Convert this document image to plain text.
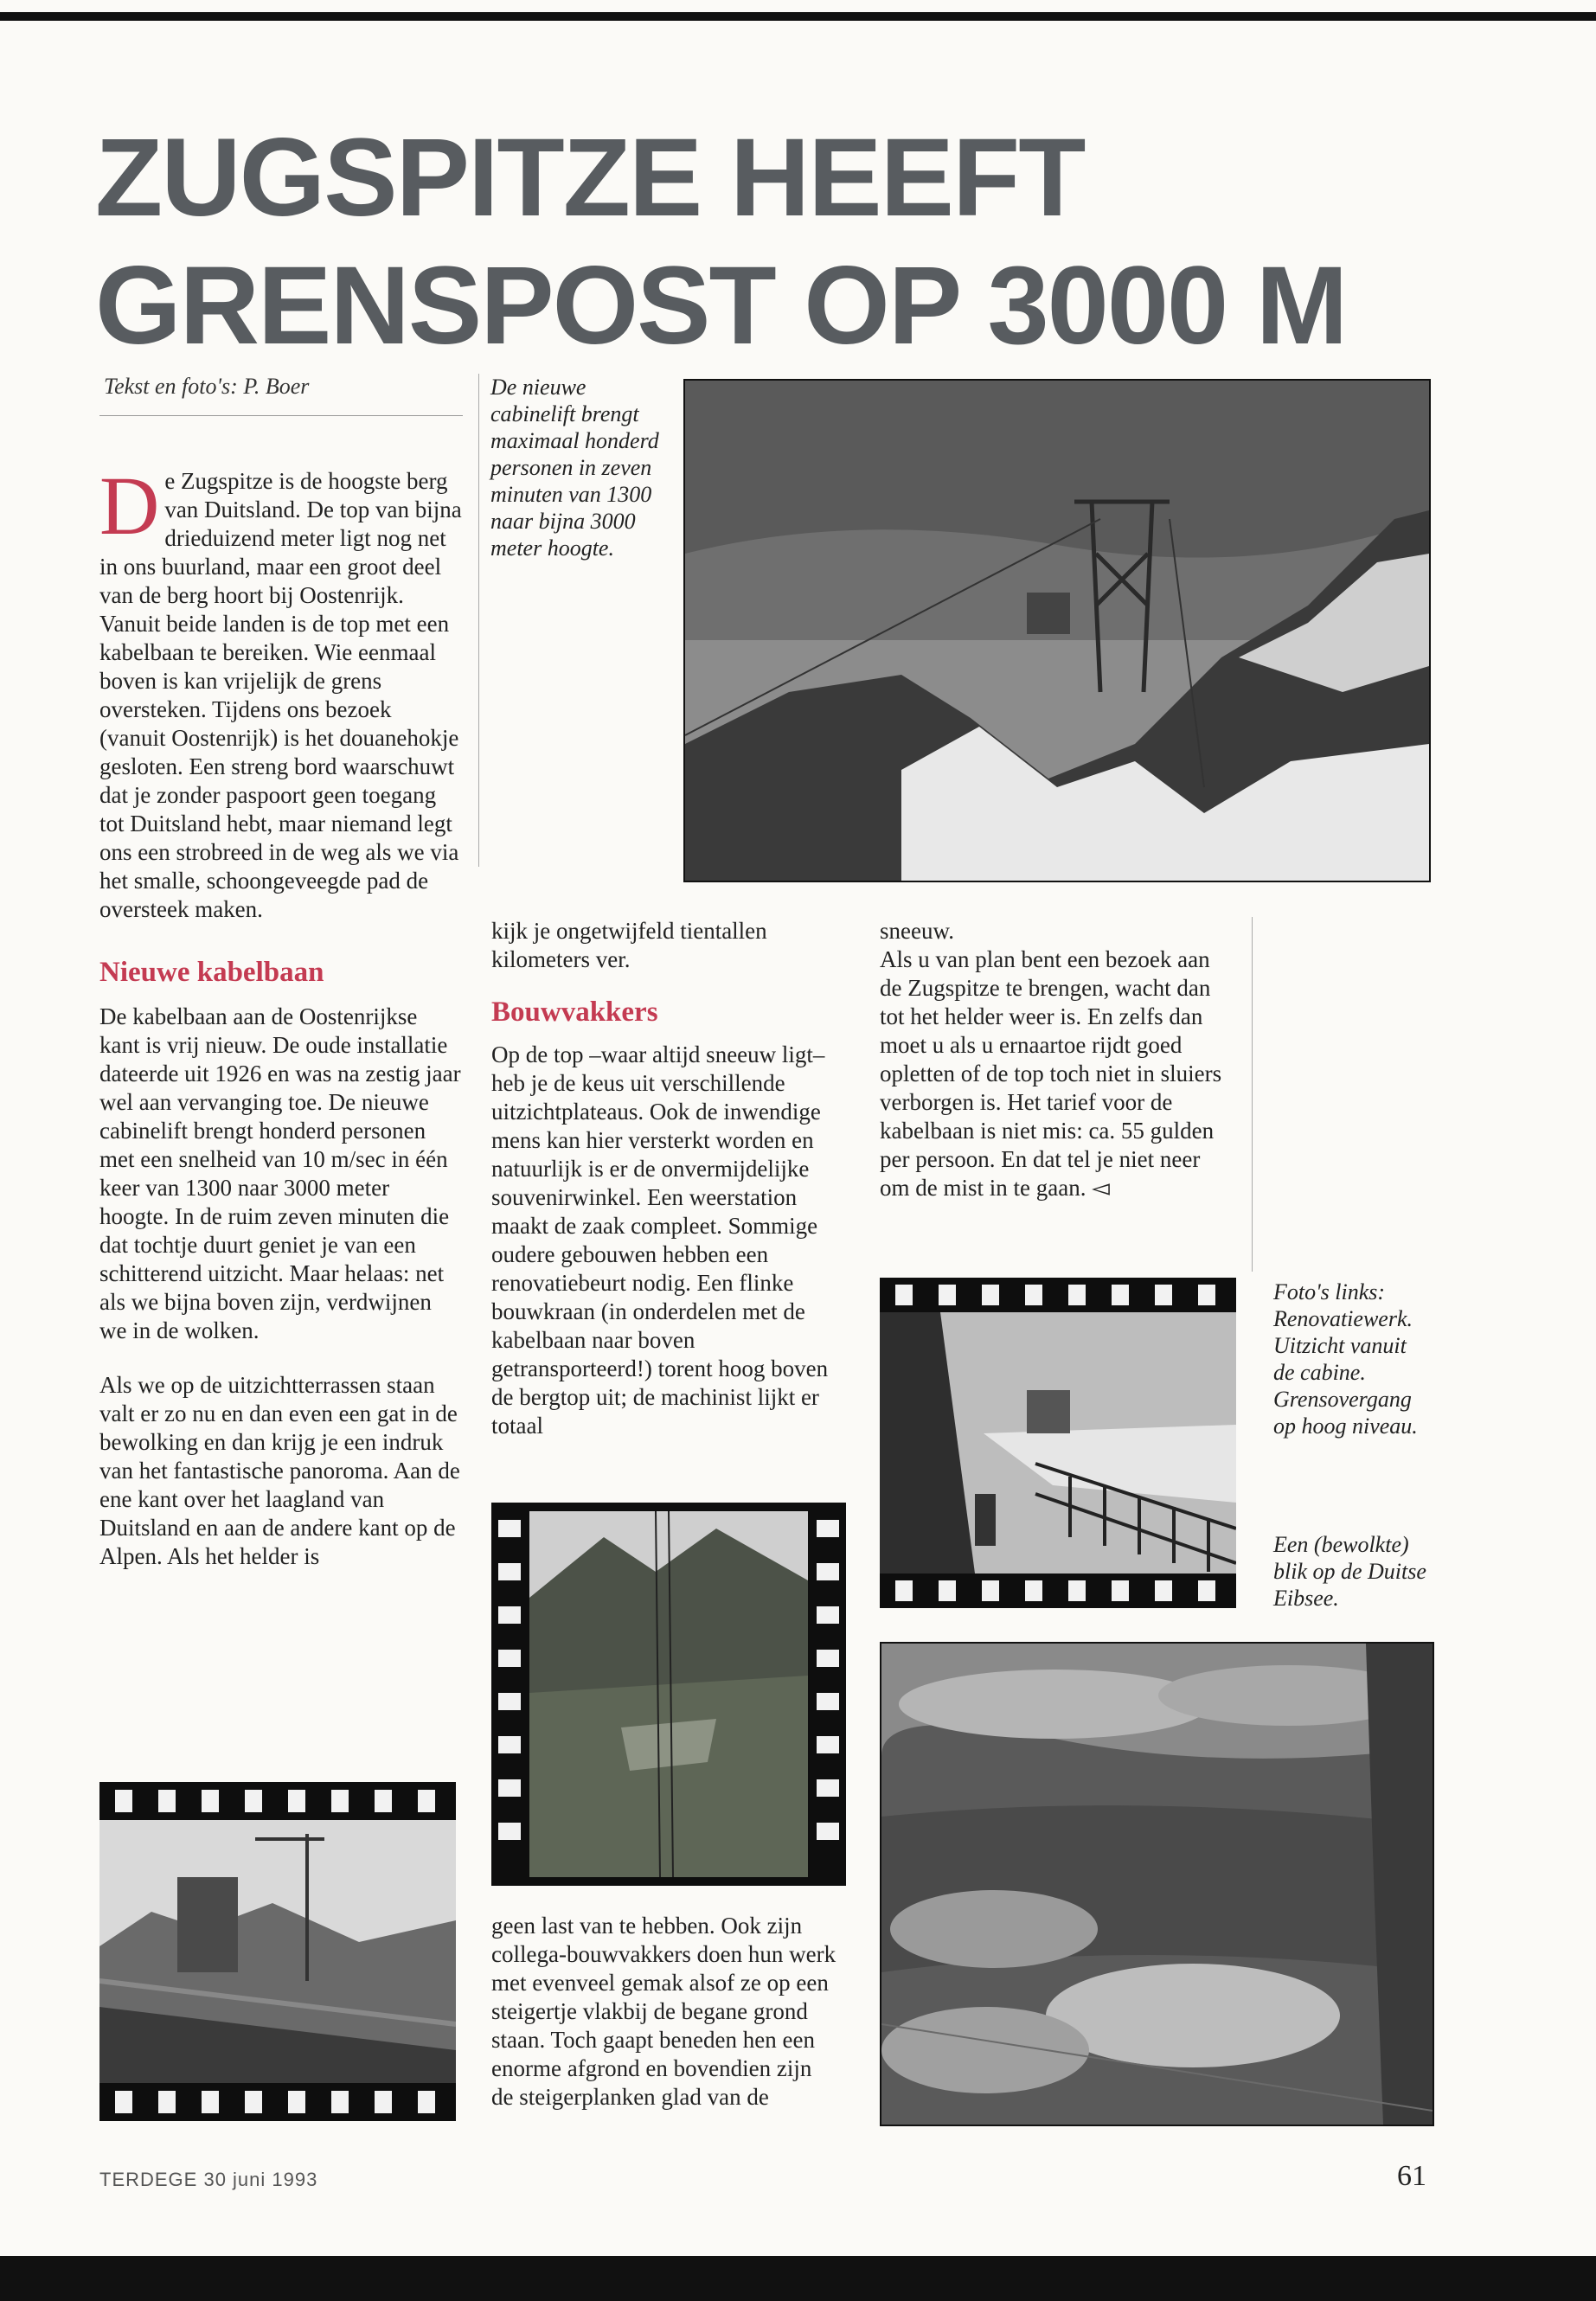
ZUGSPITZE HEEFT
GRENSPOST OP 3000 M
Tekst en foto's: P. Boer

De Zugspitze is de hoogste berg van Duitsland. De top van bijna drieduizend meter ligt nog net in ons buurland, maar een groot deel van de berg hoort bij Oostenrijk. Vanuit beide landen is de top met een kabelbaan te bereiken. Wie eenmaal boven is kan vrijelijk de grens oversteken. Tijdens ons bezoek (vanuit Oostenrijk) is het douanehokje gesloten. Een streng bord waarschuwt dat je zonder paspoort geen toegang tot Duitsland hebt, maar niemand legt ons een strobreed in de weg als we via het smalle, schoongeveegde pad de oversteek maken.

Nieuwe kabelbaan

De kabelbaan aan de Oostenrijkse kant is vrij nieuw. De oude installatie dateerde uit 1926 en was na zestig jaar wel aan vervanging toe. De nieuwe cabinelift brengt honderd personen met een snelheid van 10 m/sec in één keer van 1300 naar 3000 meter hoogte. In de ruim zeven minuten die dat tochtje duurt geniet je van een schitterend uitzicht. Maar helaas: net als we bijna boven zijn, verdwijnen we in de wolken.

Als we op de uitzichtterrassen staan valt er zo nu en dan even een gat in de bewolking en dan krijg je een indruk van het fantastische panoroma. Aan de ene kant over het laagland van Duitsland en aan de andere kant op de Alpen. Als het helder is

De nieuwe cabinelift brengt maximaal honderd personen in zeven minuten van 1300 naar bijna 3000 meter hoogte.

kijk je ongetwijfeld tientallen kilometers ver.

Bouwvakkers

Op de top –waar altijd sneeuw ligt– heb je de keus uit verschillende uitzichtplateaus. Ook de inwendige mens kan hier versterkt worden en natuurlijk is er de onvermijdelijke souvenirwinkel. Een weerstation maakt de zaak compleet. Sommige oudere gebouwen hebben een renovatiebeurt nodig. Een flinke bouwkraan (in onderdelen met de kabelbaan naar boven getransporteerd!) torent hoog boven de bergtop uit; de machinist lijkt er totaal

geen last van te hebben. Ook zijn collega-bouwvakkers doen hun werk met evenveel gemak alsof ze op een steigertje vlakbij de begane grond staan. Toch gaapt beneden hen een enorme afgrond en bovendien zijn de steigerplanken glad van de

sneeuw.
Als u van plan bent een bezoek aan de Zugspitze te brengen, wacht dan tot het helder weer is. En zelfs dan moet u als u ernaartoe rijdt goed opletten of de top toch niet in sluiers verborgen is. Het tarief voor de kabelbaan is niet mis: ca. 55 gulden per persoon. En dat tel je niet neer om de mist in te gaan. ◅

Foto's links: Renovatiewerk. Uitzicht vanuit de cabine. Grensovergang op hoog niveau.
Een (bewolkte) blik op de Duitse Eibsee.
TERDEGE 30 juni 1993	61
